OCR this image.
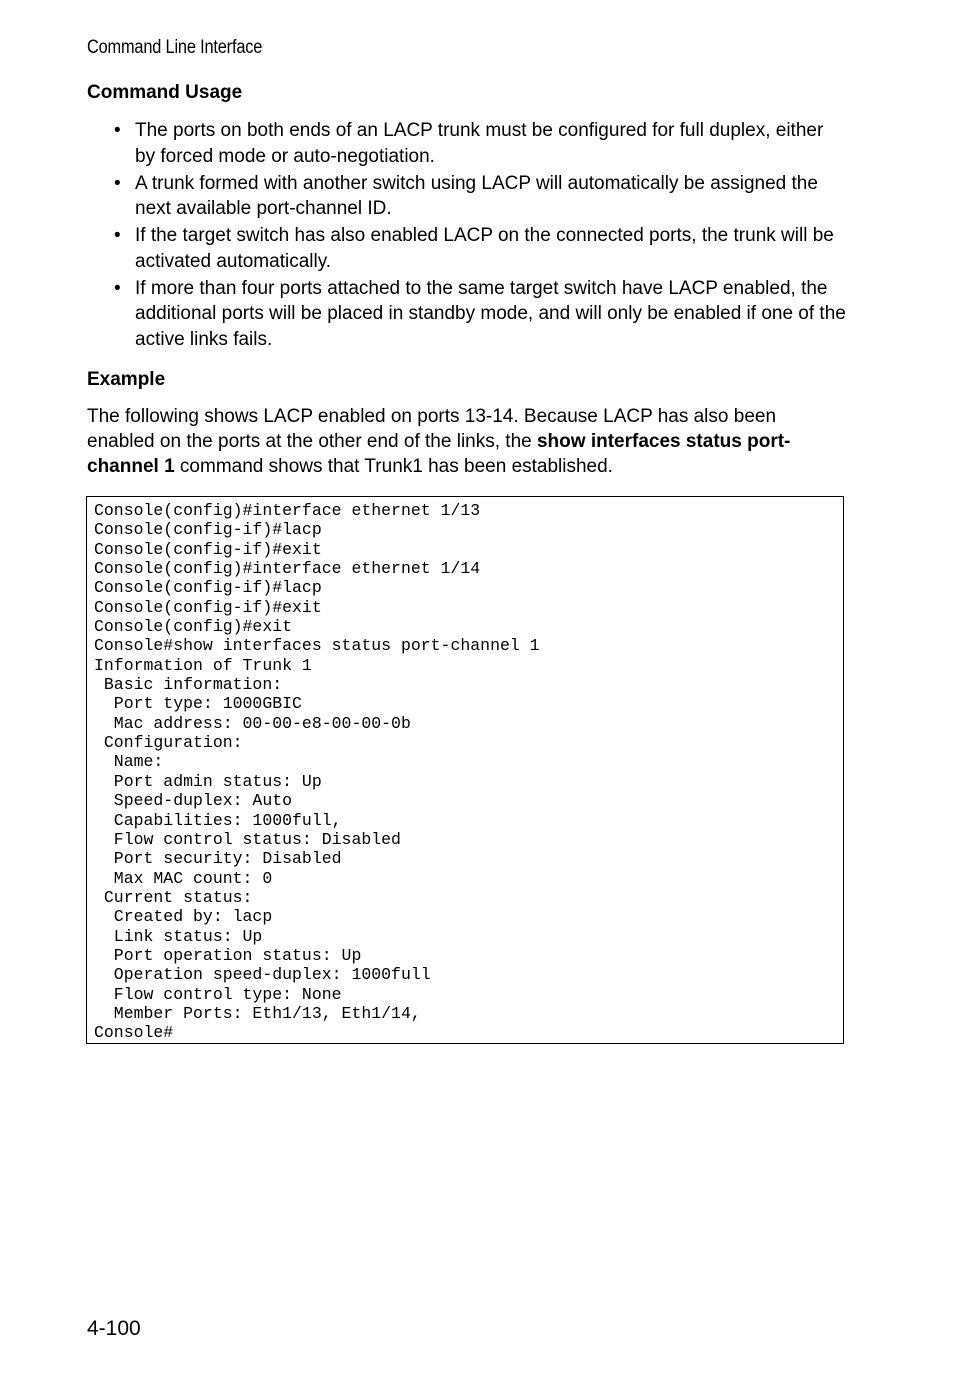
Command Line Interface
Command Usage
• The ports on both ends of an LACP trunk must be configured for full duplex, either by forced mode or auto-negotiation.
• A trunk formed with another switch using LACP will automatically be assigned the next available port-channel ID.
• If the target switch has also enabled LACP on the connected ports, the trunk will be activated automatically.
• If more than four ports attached to the same target switch have LACP enabled, the additional ports will be placed in standby mode, and will only be enabled if one of the active links fails.
Example

The following shows LACP enabled on ports 13-14. Because LACP has also been enabled on the ports at the other end of the links, the show interfaces status port-channel 1 command shows that Trunk1 has been established.

Console(config)#interface ethernet 1/13
Console(config-if)#lacp
Console(config-if)#exit
Console(config)#interface ethernet 1/14
Console(config-if)#lacp
Console(config-if)#exit
Console(config)#exit
Console#show interfaces status port-channel 1
Information of Trunk 1
Basic information:
Port type: 1000GBIC
Mac address: 00-00-e8-00-00-0b
Configuration:
Name:
Port admin status: Up
Speed-duplex: Auto
Capabilities: 1000full,
Flow control status: Disabled
Port security: Disabled
Max MAC count: 0
Current status:
Created by: lacp
Link status: Up
Port operation status: Up
Operation speed-duplex: 1000full
Flow control type: None
Member Ports: Eth1/13, Eth1/14,
Console#
4-100
